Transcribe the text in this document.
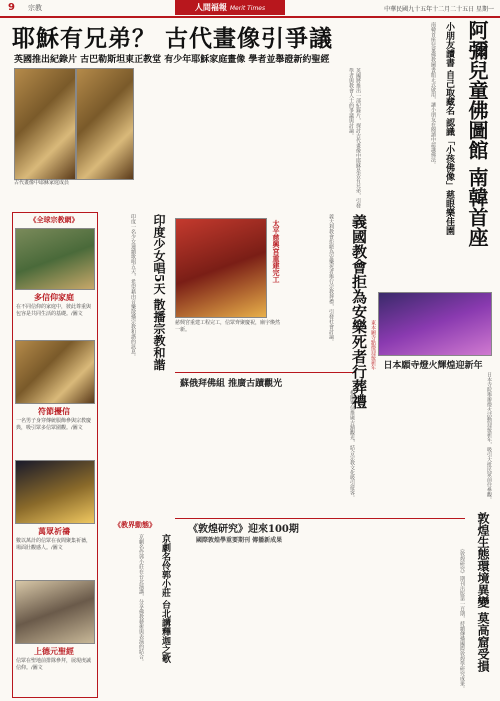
9 宗教	人間福報 Merit Times	中華民國九十五年十二月二十五日 星期一
耶穌有兄弟？ 古代畫像引爭議
英國推出紀錄片 古巴勒斯坦東正教堂 有少年耶穌家庭畫像 學者並舉證新約聖經
古代畫像中耶穌家庭成員	英國將推出一部紀錄片，探討古代畫像中耶穌是否有兄弟，引發學者與教會人士的爭議與討論。	阿彌兒童佛圖館 南韓首座
小朋友讀書 自己取藏名 認識「小孩佛像」慈眼樂佳園
南韓首座兒童佛教圖書館正式啟用，讓小朋友在閱讀中認識佛法。
《全球宗教網》
多信仰家庭
在不同信仰的家庭中，彼此尊重與包容是共同生活的基礎。/圖文
符節擾信
一名男子身穿傳統服飾參與宗教慶典，吸引眾多信眾圍觀。/圖文
萬眾祈禱
數以萬計的信眾在夜間聚集祈禱，場面壯觀感人。/圖文
上德元聖經
信眾在聖地前排隊參拜，展現虔誠信仰。/圖文
印度一名少女連續歌唱五天，希望藉由音樂散播宗教和諧的訊息。	印度少女唱5天 散播宗教和諧	太平慈興宮重建完工
慈興宮重建工程完工，信眾齊聚慶祝，廟宇煥然一新。
蘇俄拜佛組 推廣古蹟觀光
相關單位推廣古蹟觀光，結合宗教文化吸引遊客。
義國教會拒為安樂死者行葬禮
義大利教會拒絕為安樂死者舉行宗教葬禮，引發社會討論。
東本願寺點燈迎接新年 日本願寺燈火輝煌迎新年
日本寺院舉辦燈火活動迎接新年，吸引大批民眾前往參觀。
《敦煌研究》迎來100期
國際敦煌學重要期刊 傳播新成果
《敦煌研究》期刊出版第一百期，持續傳播國際敦煌學研究成果。 敦煌生態環境異變 莫高窟受損
《教界動態》
京劇名伶郭小莊在台北演講，分享佛教藝術與表演的結合。	京劇名伶郭小莊 台北講釋迦之歌
